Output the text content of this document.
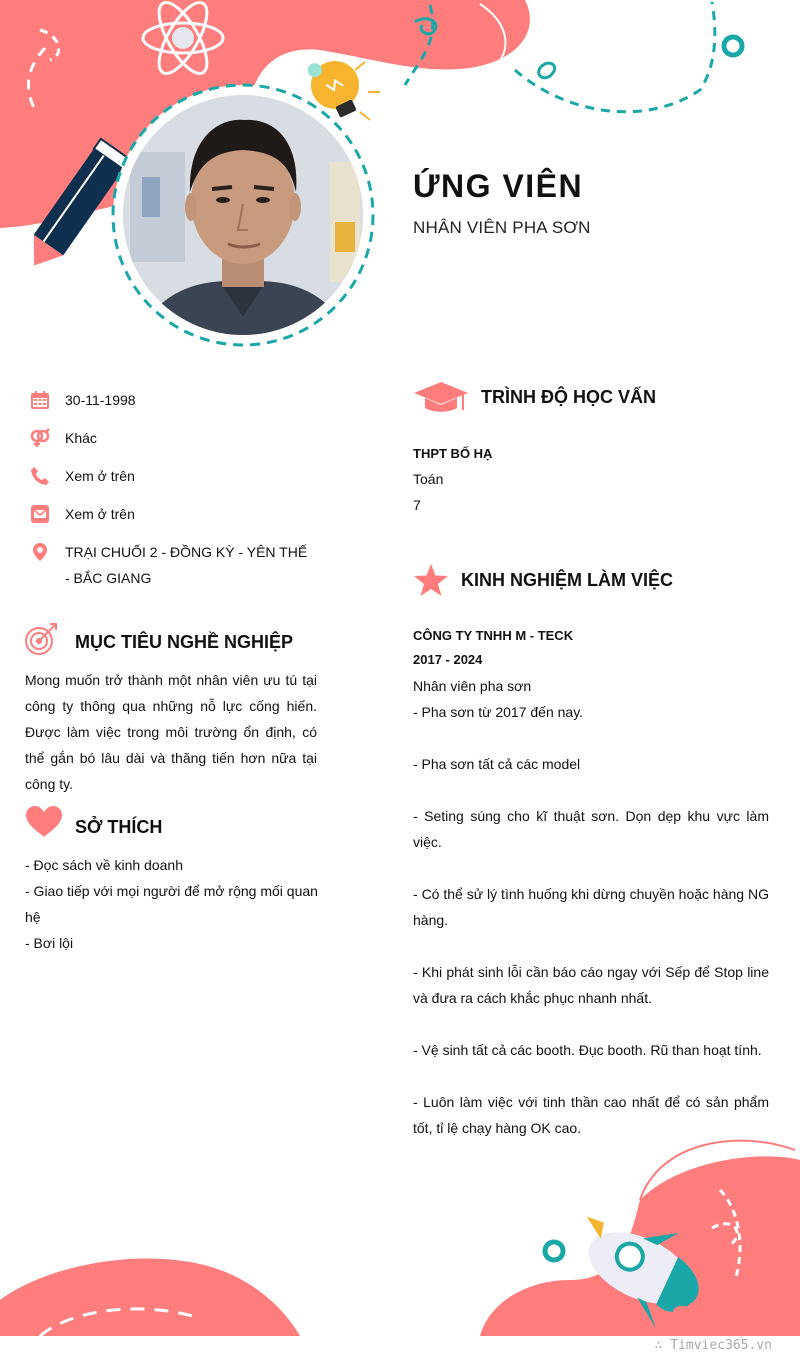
ỨNG VIÊN
NHÂN VIÊN PHA SƠN
30-11-1998
Khác
Xem ở trên
Xem ở trên
TRẠI CHUỐI 2 - ĐỒNG KỲ - YÊN THẾ - BẮC GIANG
MỤC TIÊU NGHỀ NGHIỆP
Mong muốn trở thành một nhân viên ưu tú tại công ty thông qua những nỗ lực cống hiến. Được làm việc trong môi trường ổn định, có thể gắn bó lâu dài và thăng tiến hơn nữa tại công ty.
SỞ THÍCH
- Đọc sách về kinh doanh
- Giao tiếp với mọi người để mở rộng mối quan hệ
- Bơi lội
TRÌNH ĐỘ HỌC VẤN
THPT BỐ HẠ
Toán
7
KINH NGHIỆM LÀM VIỆC
CÔNG TY TNHH M - TECK
2017 - 2024
Nhân viên pha sơn
- Pha sơn từ 2017 đến nay.
- Pha sơn tất cả các model
- Seting súng cho kĩ thuật sơn. Dọn dẹp khu vực làm việc.
- Có thể sử lý tình huống khi dừng chuyền hoặc hàng NG hàng.
- Khi phát sinh lỗi cần báo cáo ngay với Sếp để Stop line và đưa ra cách khắc phục nhanh nhất.
- Vệ sinh tất cả các booth. Đục booth. Rũ than hoạt tính.
- Luôn làm việc với tinh thần cao nhất để có sản phẩm tốt, tỉ lệ chạy hàng OK cao.
∴ Timviec365.vn
